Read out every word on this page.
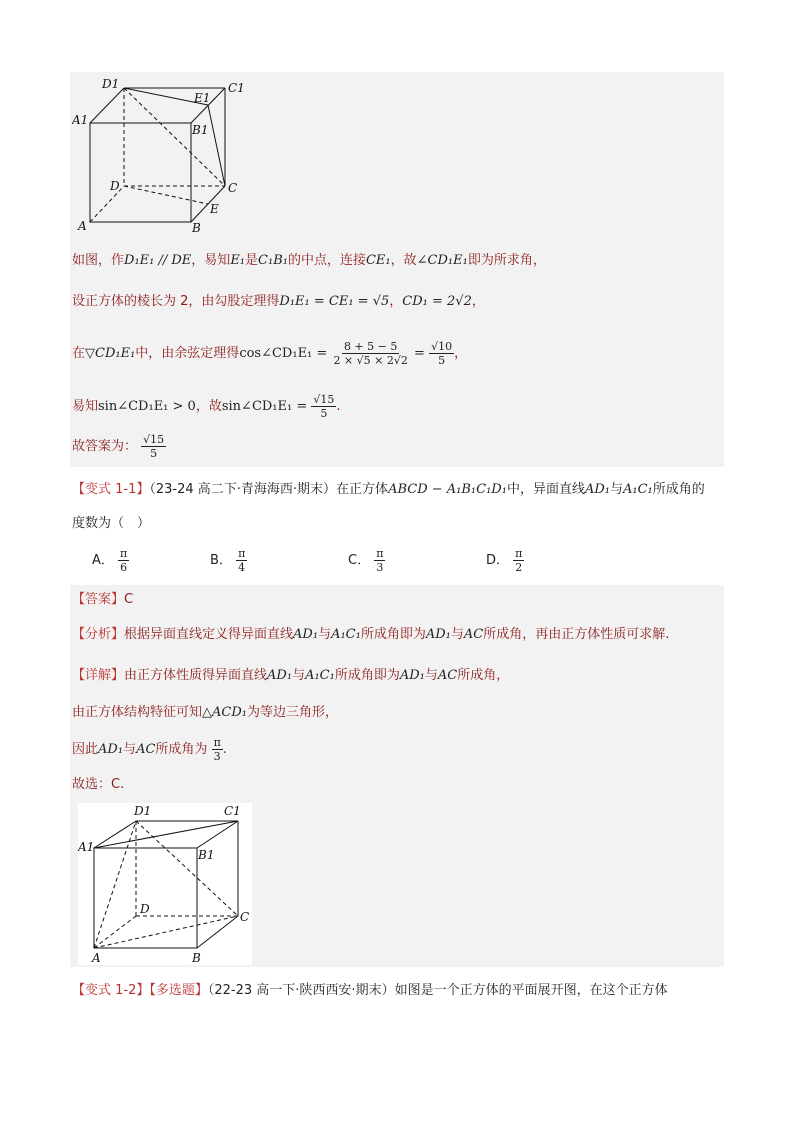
D1	C1
E1
A1
B1
D	C
E
A	B
如图，作D₁E₁ // DE，易知E₁是C₁B₁的中点，连接CE₁，故∠CD₁E₁即为所求角，
设正方体的棱长为 2，由勾股定理得D₁E₁ = CE₁ = √5，CD₁ = 2√2，
在▽CD₁E₁中，由余弦定理得cos∠CD₁E₁ = $\frac{8 + 5 - 5}{2 \times √5 \times 2√2} = \frac{√10}{5}$ ，
易知sin∠CD₁E₁ > 0，故sin∠CD₁E₁ = $\frac{√15}{5}$ .
故答案为： $\frac{√15}{5}$
【变式 1-1】（23-24 高二下·青海海西·期末）在正方体ABCD − A₁B₁C₁D₁中，异面直线AD₁与A₁C₁所成角的
度数为（　）
A． $\frac{\pi}{6}$	B． $\frac{\pi}{4}$	C． $\frac{\pi}{3}$	D． $\frac{\pi}{2}$
【答案】C
【分析】根据异面直线定义得异面直线AD₁与A₁C₁所成角即为AD₁与AC所成角，再由正方体性质可求解.
【详解】由正方体性质得异面直线AD₁与A₁C₁所成角即为AD₁与AC所成角，
由正方体结构特征可知△ACD₁为等边三角形，
因此AD₁与AC所成角为 $\frac{\pi}{3}$ .
故选：C.
D1	C1
A1
B1
D
C
A	B
【变式 1-2】【多选题】（22-23 高一下·陕西西安·期末）如图是一个正方体的平面展开图，在这个正方体
